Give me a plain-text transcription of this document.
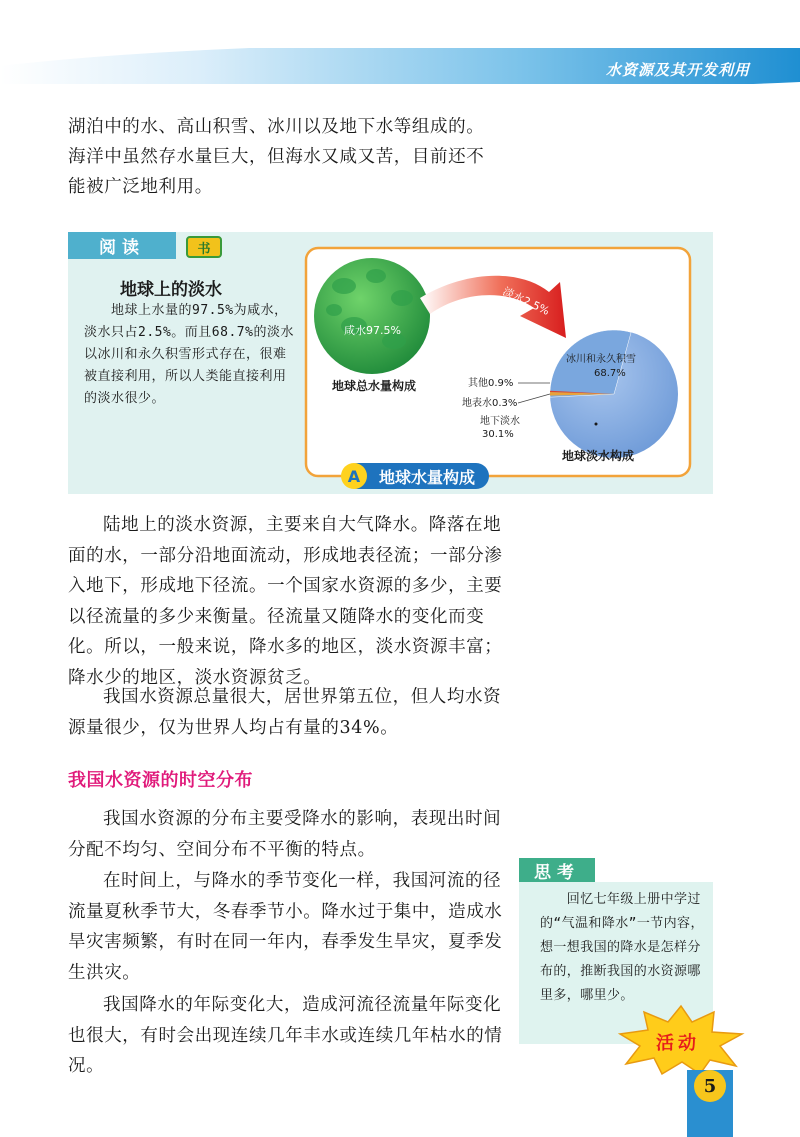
水资源及其开发利用

湖泊中的水、高山积雪、冰川以及地下水等组成的。

海洋中虽然存水量巨大，但海水又咸又苦，目前还不

能被广泛地利用。

阅读	书
地球上的淡水

　　地球上水量的97.5%为咸水，淡水只占2.5%。而且68.7%的淡水以冰川和永久积雪形式存在，很难被直接利用，所以人类能直接利用的淡水很少。

咸水97.5%
地球总水量构成
淡水2.5%
冰川和永久积雪
68.7%
其他0.9%
地表水0.3%
地下淡水
30.1%
地球淡水构成
地球水量构成
A

陆地上的淡水资源，主要来自大气降水。降落在地面的水，一部分沿地面流动，形成地表径流；一部分渗入地下，形成地下径流。一个国家水资源的多少，主要以径流量的多少来衡量。径流量又随降水的变化而变化。所以，一般来说，降水多的地区，淡水资源丰富；降水少的地区，淡水资源贫乏。

我国水资源总量很大，居世界第五位，但人均水资源量很少，仅为世界人均占有量的34%。

我国水资源的时空分布

我国水资源的分布主要受降水的影响，表现出时间分配不均匀、空间分布不平衡的特点。

在时间上，与降水的季节变化一样，我国河流的径流量夏秋季节大，冬春季节小。降水过于集中，造成水旱灾害频繁，有时在同一年内，春季发生旱灾，夏季发生洪灾。

我国降水的年际变化大，造成河流径流量年际变化也很大，有时会出现连续几年丰水或连续几年枯水的情况。

思考

　　回忆七年级上册中学过的“气温和降水”一节内容，想一想我国的降水是怎样分布的，推断我国的水资源哪里多，哪里少。

活动
5
